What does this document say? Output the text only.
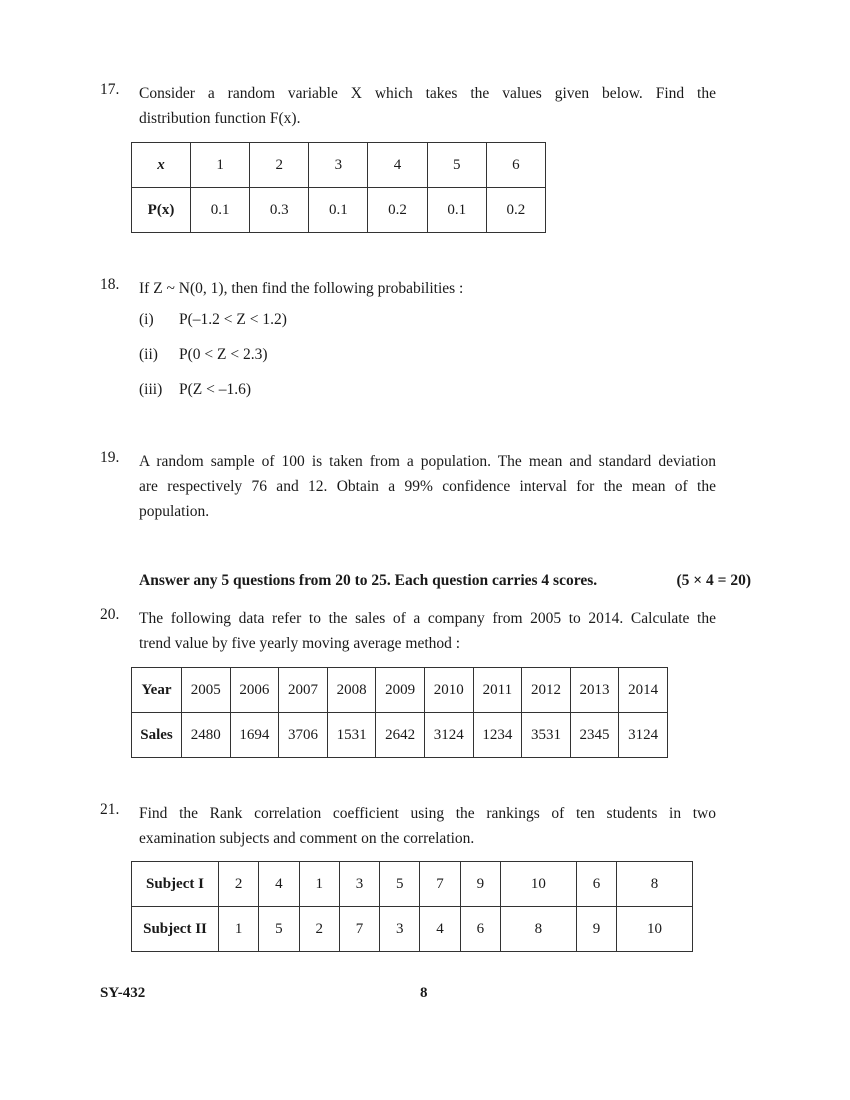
17. Consider a random variable X which takes the values given below. Find the
distribution function F(x).
x	1	2	3	4	5	6
P(x)	0.1	0.3	0.1	0.2	0.1	0.2
18. If Z ~ N(0, 1), then find the following probabilities :
(i) P(–1.2 < Z < 1.2)
(ii) P(0 < Z < 2.3)
(iii) P(Z < –1.6)
19. A random sample of 100 is taken from a population. The mean and standard deviation
are respectively 76 and 12. Obtain a 99% confidence interval for the mean of the
population.
Answer any 5 questions from 20 to 25. Each question carries 4 scores.	(5 × 4 = 20)
20. The following data refer to the sales of a company from 2005 to 2014. Calculate the
trend value by five yearly moving average method :
Year	2005	2006	2007	2008	2009	2010	2011	2012	2013	2014
Sales	2480	1694	3706	1531	2642	3124	1234	3531	2345	3124
21. Find the Rank correlation coefficient using the rankings of ten students in two
examination subjects and comment on the correlation.
Subject I	2	4	1	3	5	7	9	10	6	8
Subject II	1	5	2	7	3	4	6	8	9	10
SY-432	8
